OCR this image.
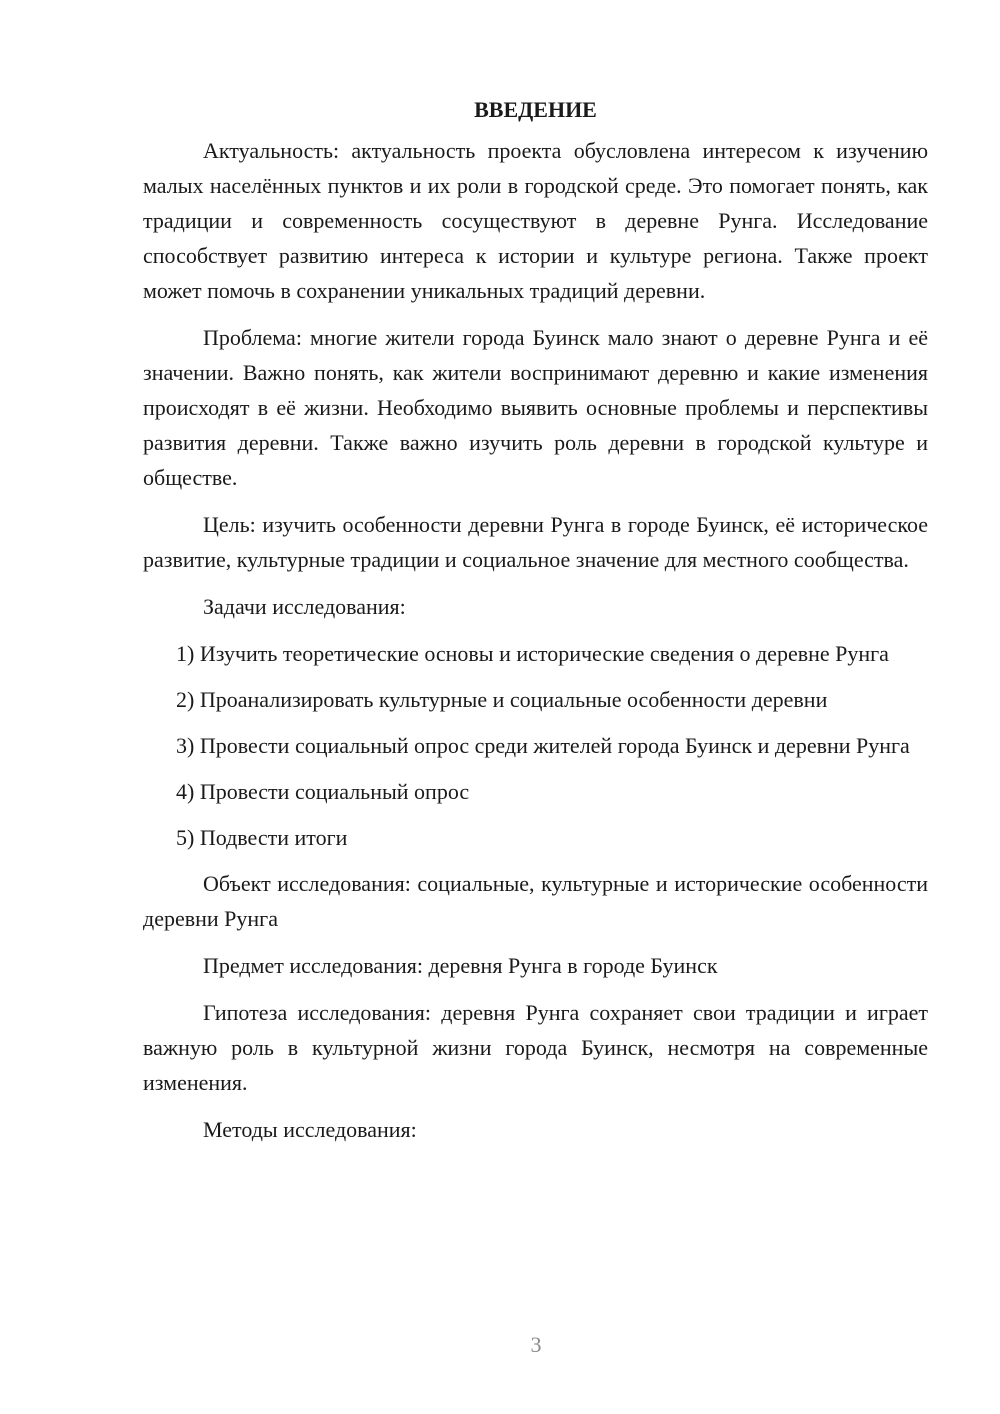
ВВЕДЕНИЕ

Актуальность: актуальность проекта обусловлена интересом к изучению малых населённых пунктов и их роли в городской среде. Это помогает понять, как традиции и современность сосуществуют в деревне Рунга. Исследование способствует развитию интереса к истории и культуре региона. Также проект может помочь в сохранении уникальных традиций деревни.

Проблема: многие жители города Буинск мало знают о деревне Рунга и её значении. Важно понять, как жители воспринимают деревню и какие изменения происходят в её жизни. Необходимо выявить основные проблемы и перспективы развития деревни. Также важно изучить роль деревни в городской культуре и обществе.

Цель: изучить особенности деревни Рунга в городе Буинск, её историческое развитие, культурные традиции и социальное значение для местного сообщества.

Задачи исследования:

1) Изучить теоретические основы и исторические сведения о деревне Рунга

2) Проанализировать культурные и социальные особенности деревни

3) Провести социальный опрос среди жителей города Буинск и деревни Рунга

4) Провести социальный опрос

5) Подвести итоги

Объект исследования: социальные, культурные и исторические особенности деревни Рунга

Предмет исследования: деревня Рунга в городе Буинск

Гипотеза исследования: деревня Рунга сохраняет свои традиции и играет важную роль в культурной жизни города Буинск, несмотря на современные изменения.

Методы исследования:

3
